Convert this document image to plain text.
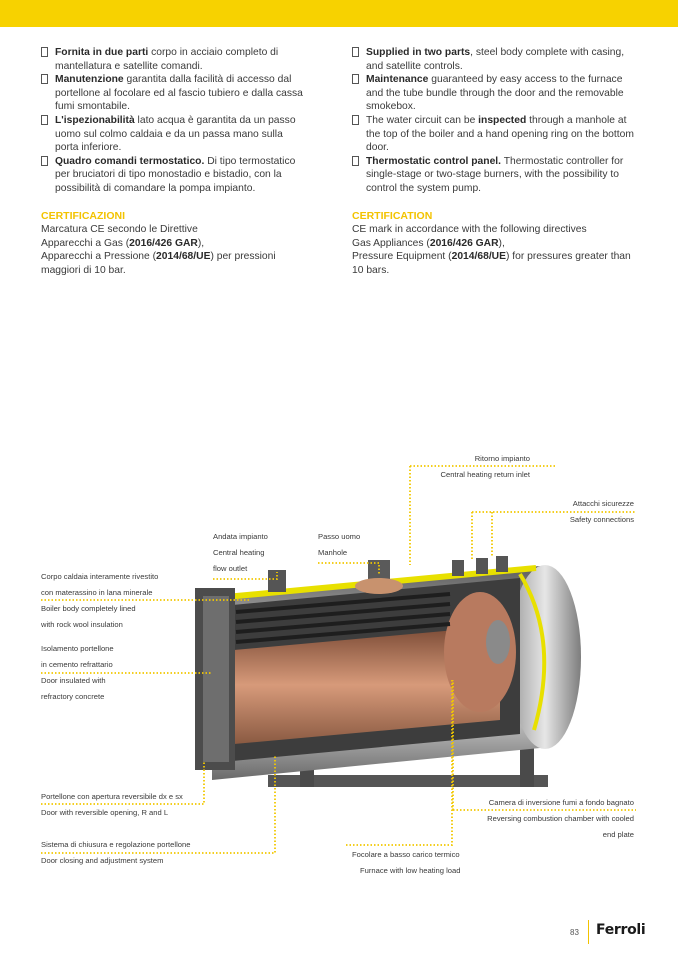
Fornita in due parti corpo in acciaio completo di mantellatura e satellite comandi.

Manutenzione garantita dalla facilità di accesso dal portellone al focolare ed al fascio tubiero e dalla cassa fumi smontabile.

L'ispezionabilità lato acqua è garantita da un passo uomo sul colmo caldaia e da un passa mano sulla porta inferiore.

Quadro comandi termostatico. Di tipo termostatico per bruciatori di tipo monostadio e bistadio, con la possibilità di comandare la pompa impianto.

CERTIFICAZIONI
Marcatura CE secondo le Direttive
Apparecchi a Gas (2016/426 GAR),
Apparecchi a Pressione (2014/68/UE) per pressioni maggiori di 10 bar.

Supplied in two parts, steel body complete with casing, and satellite controls.

Maintenance guaranteed by easy access to the furnace and the tube bundle through the door and the removable smokebox.

The water circuit can be inspected through a manhole at the top of the boiler and a hand opening ring on the bottom door.

Thermostatic control panel. Thermostatic controller for single-stage or two-stage burners, with the possibility to control the system pump.

CERTIFICATION
CE mark in accordance with the following directives
Gas Appliances (2016/426 GAR),
Pressure Equipment (2014/68/UE) for pressures greater than 10 bars.
Ritorno impianto
Central heating return inlet
Attacchi sicurezze
Safety connections
Andata impianto
Central heating
flow outlet
Passo uomo
Manhole
Corpo caldaia interamente rivestito
con materassino in lana minerale
Boiler body completely lined
with rock wool insulation
Isolamento portellone
in cemento refrattario
Door insulated with
refractory concrete
Portellone con apertura reversibile dx e sx
Door with reversible opening, R and L
Sistema di chiusura e regolazione portellone
Door closing and adjustment system
Focolare a basso carico termico
Furnace with low heating load
Camera di inversione fumi a fondo bagnato
Reversing combustion chamber with cooled
end plate
83 Ferroli
